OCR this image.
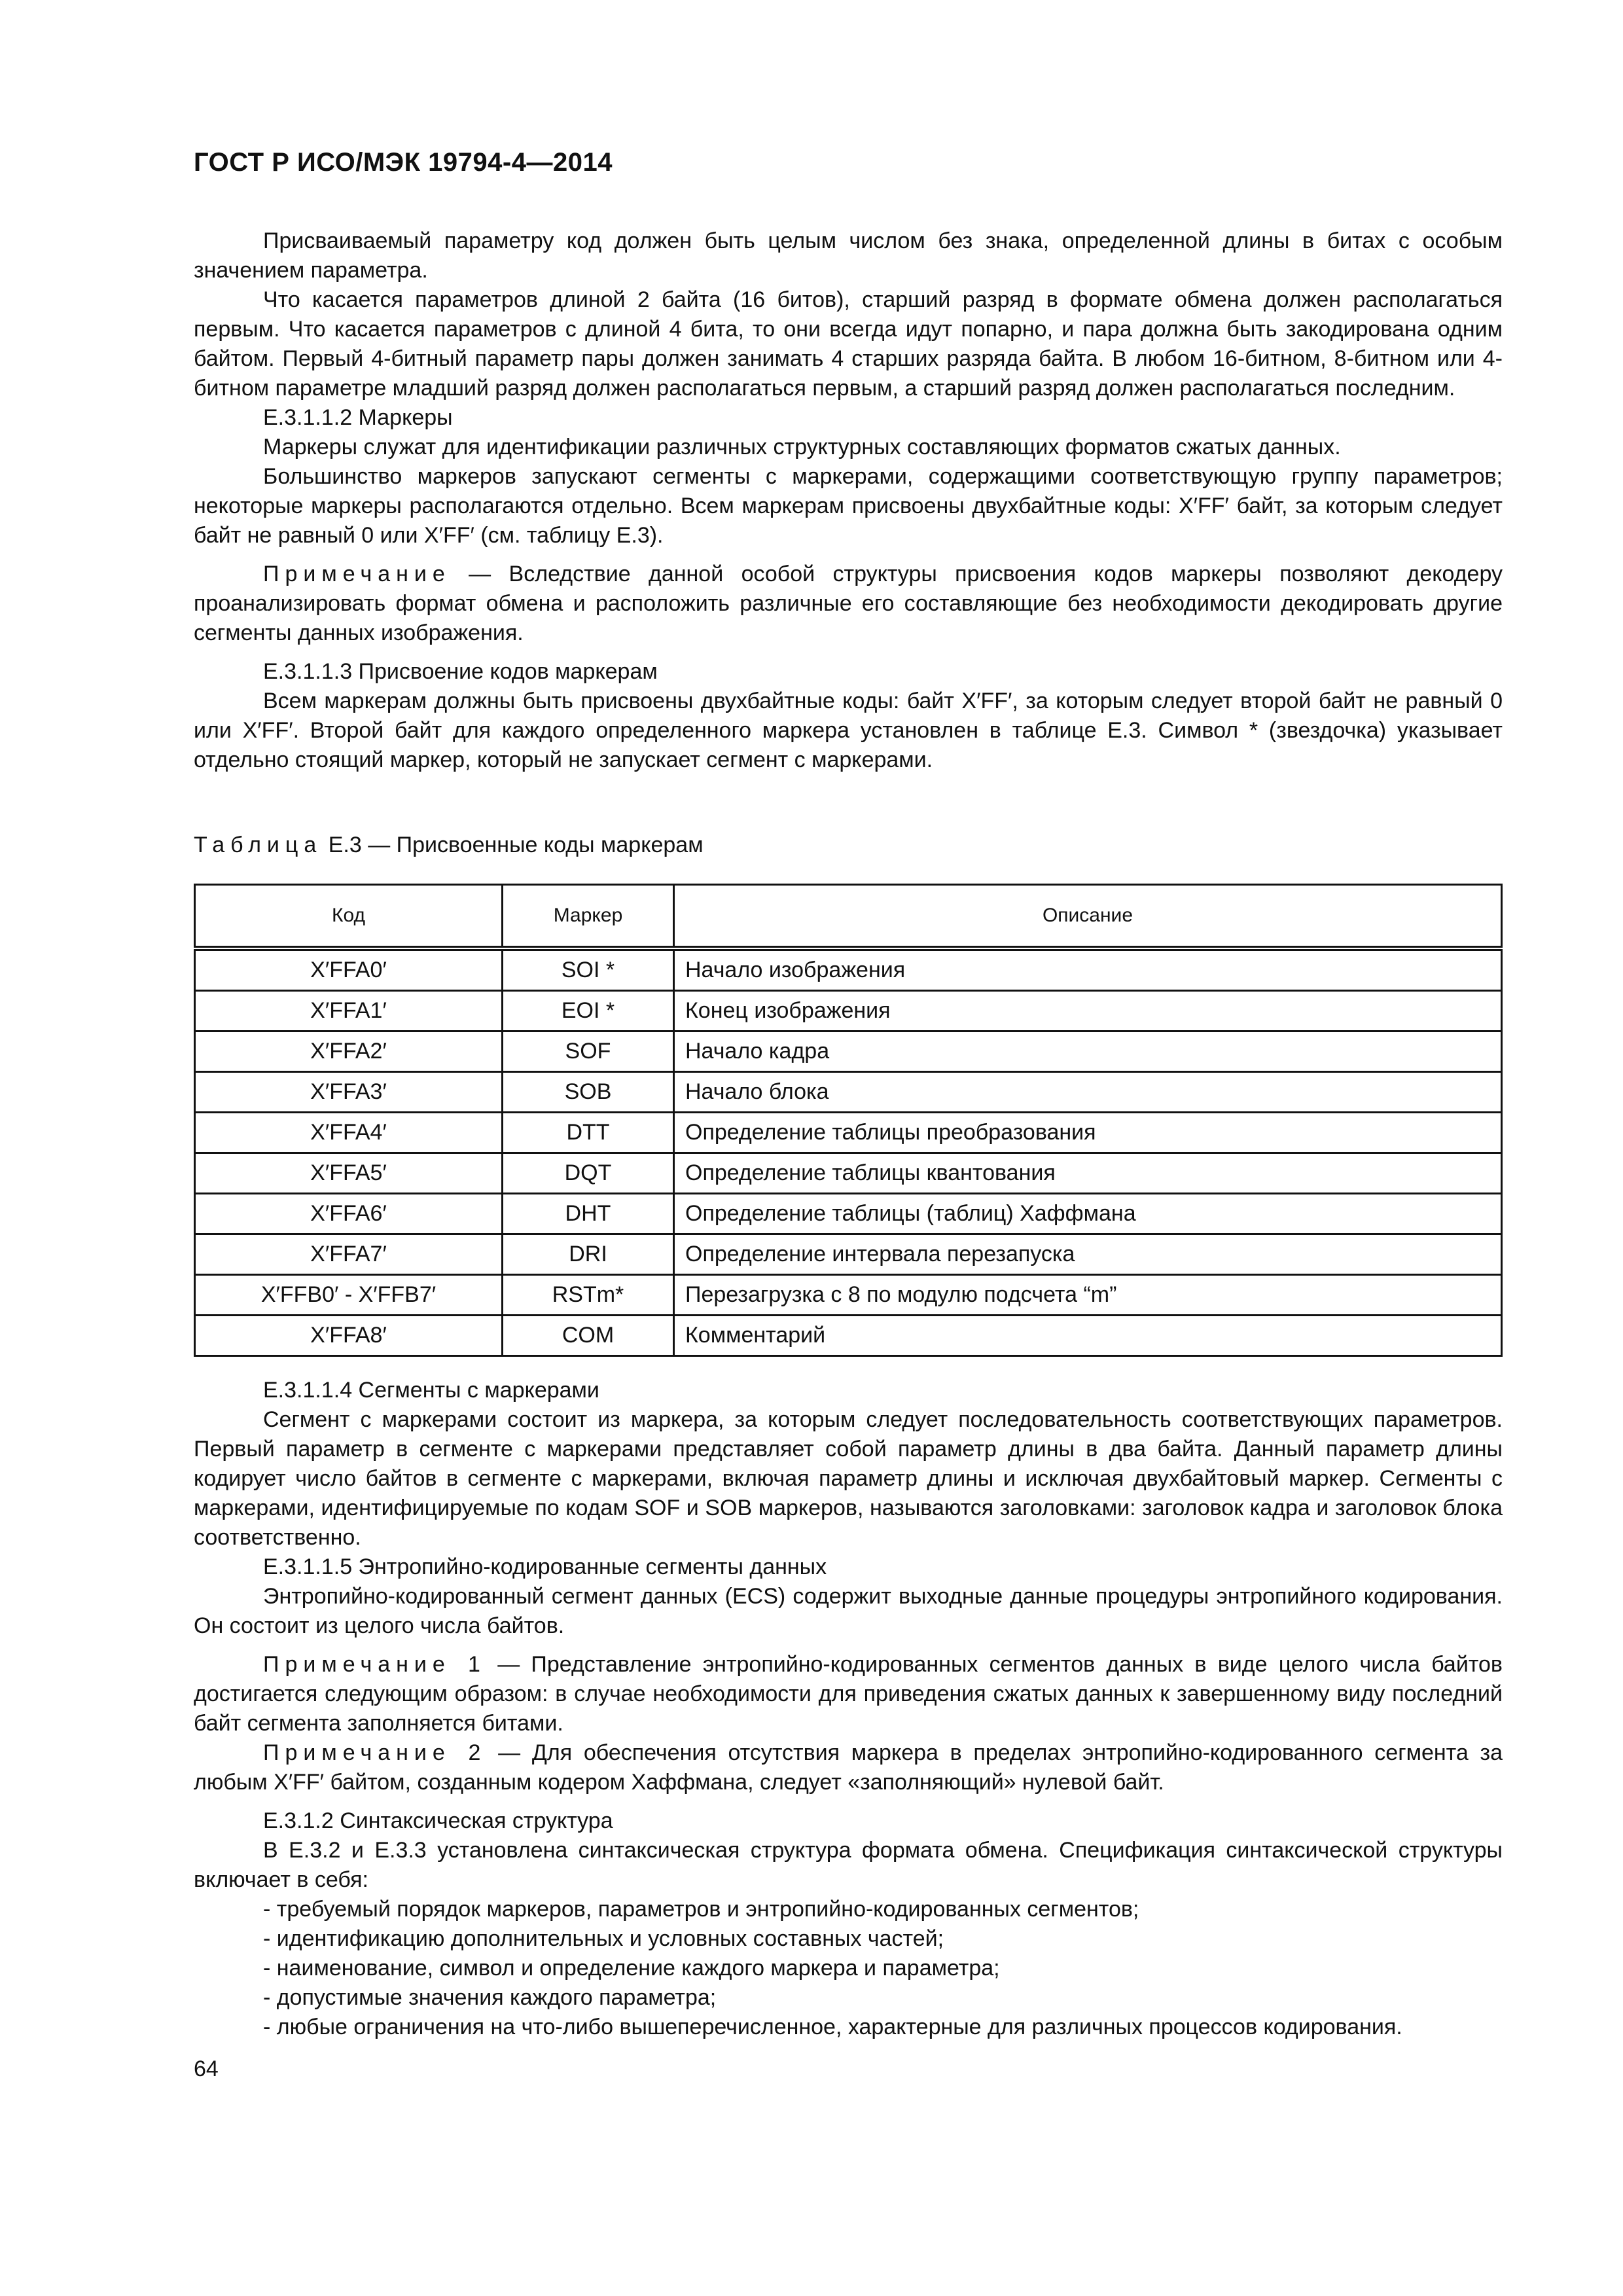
ГОСТ Р ИСО/МЭК 19794-4—2014

Присваиваемый параметру код должен быть целым числом без знака, определенной длины в битах с особым значением параметра.

Что касается параметров длиной 2 байта (16 битов), старший разряд в формате обмена должен располагаться первым. Что касается параметров с длиной 4 бита, то они всегда идут попарно, и пара должна быть закодирована одним байтом. Первый 4-битный параметр пары должен занимать 4 старших разряда байта. В любом 16-битном, 8-битном или 4-битном параметре младший разряд должен располагаться первым, а старший разряд должен располагаться последним.

Е.3.1.1.2 Маркеры

Маркеры служат для идентификации различных структурных составляющих форматов сжатых данных.

Большинство маркеров запускают сегменты с маркерами, содержащими соответствующую группу параметров; некоторые маркеры располагаются отдельно. Всем маркерам присвоены двухбайтные коды: X′FF′ байт, за которым следует байт не равный 0 или X′FF′ (см. таблицу Е.3).

Примечание — Вследствие данной особой структуры присвоения кодов маркеры позволяют декодеру проанализировать формат обмена и расположить различные его составляющие без необходимости декодировать другие сегменты данных изображения.

Е.3.1.1.3 Присвоение кодов маркерам

Всем маркерам должны быть присвоены двухбайтные коды: байт X′FF′, за которым следует второй байт не равный 0 или X′FF′. Второй байт для каждого определенного маркера установлен в таблице Е.3. Символ * (звездочка) указывает отдельно стоящий маркер, который не запускает сегмент с маркерами.

Таблица Е.3 — Присвоенные коды маркерам
Код	Маркер	Описание
X′FFA0′	SOI *	Начало изображения
X′FFA1′	EOI *	Конец изображения
X′FFA2′	SOF	Начало кадра
X′FFA3′	SOB	Начало блока
X′FFA4′	DTT	Определение таблицы преобразования
X′FFA5′	DQT	Определение таблицы квантования
X′FFA6′	DHT	Определение таблицы (таблиц) Хаффмана
X′FFA7′	DRI	Определение интервала перезапуска
X′FFB0′ - X′FFB7′	RSTm*	Перезагрузка с 8 по модулю подсчета “m”
X′FFA8′	COM	Комментарий

Е.3.1.1.4 Сегменты с маркерами

Сегмент с маркерами состоит из маркера, за которым следует последовательность соответствующих параметров. Первый параметр в сегменте с маркерами представляет собой параметр длины в два байта. Данный параметр длины кодирует число байтов в сегменте с маркерами, включая параметр длины и исключая двухбайтовый маркер. Сегменты с маркерами, идентифицируемые по кодам SOF и SOB маркеров, называются заголовками: заголовок кадра и заголовок блока соответственно.

Е.3.1.1.5 Энтропийно-кодированные сегменты данных

Энтропийно-кодированный сегмент данных (ECS) содержит выходные данные процедуры энтропийного кодирования. Он состоит из целого числа байтов.

Примечание 1 — Представление энтропийно-кодированных сегментов данных в виде целого числа байтов достигается следующим образом: в случае необходимости для приведения сжатых данных к завершенному виду последний байт сегмента заполняется битами.

Примечание 2 — Для обеспечения отсутствия маркера в пределах энтропийно-кодированного сегмента за любым X′FF′ байтом, созданным кодером Хаффмана, следует «заполняющий» нулевой байт.

Е.3.1.2 Синтаксическая структура

В Е.3.2 и Е.3.3 установлена синтаксическая структура формата обмена. Спецификация синтаксической структуры включает в себя:

- требуемый порядок маркеров, параметров и энтропийно-кодированных сегментов;

- идентификацию дополнительных и условных составных частей;

- наименование, символ и определение каждого маркера и параметра;

- допустимые значения каждого параметра;

- любые ограничения на что-либо вышеперечисленное, характерные для различных процессов кодирования.

64
